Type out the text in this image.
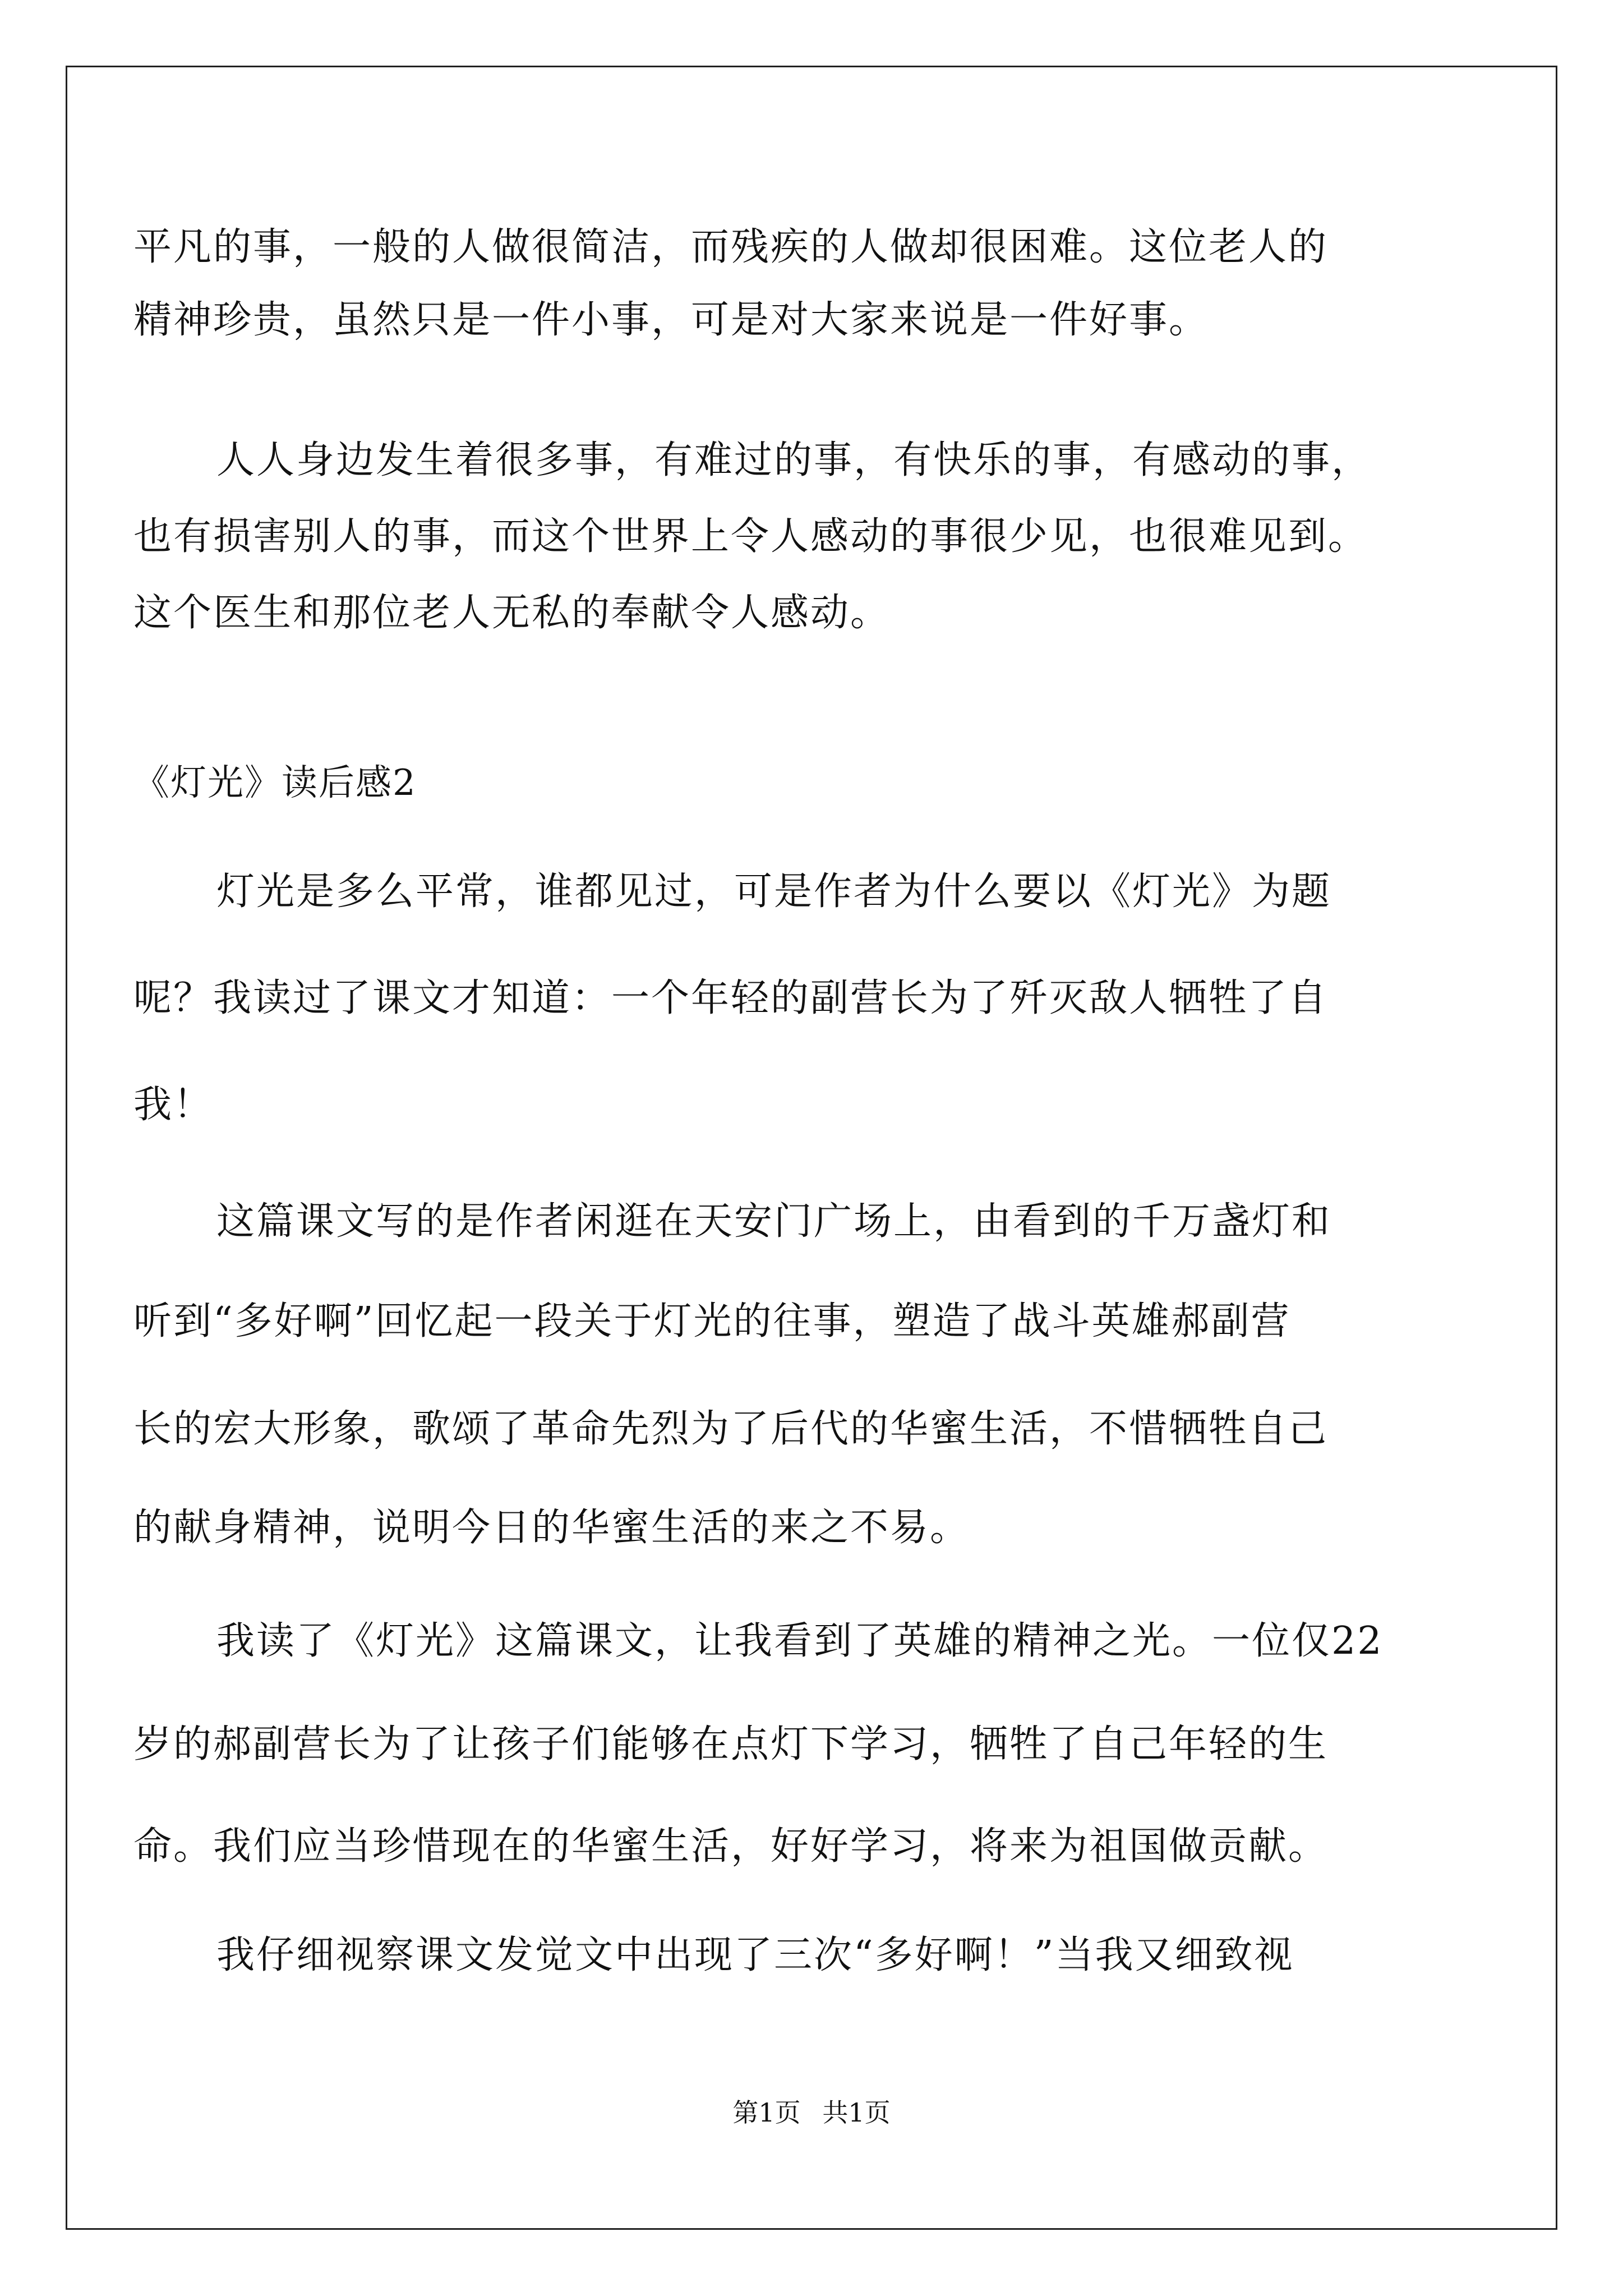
平凡的事，一般的人做很简洁，而残疾的人做却很困难。这位老人的
精神珍贵，虽然只是一件小事，可是对大家来说是一件好事。
人人身边发生着很多事，有难过的事，有快乐的事，有感动的事，
也有损害别人的事，而这个世界上令人感动的事很少见，也很难见到。
这个医生和那位老人无私的奉献令人感动。
《灯光》读后感2
灯光是多么平常，谁都见过，可是作者为什么要以《灯光》为题
呢？我读过了课文才知道：一个年轻的副营长为了歼灭敌人牺牲了自
我！
这篇课文写的是作者闲逛在天安门广场上，由看到的千万盏灯和
听到“多好啊”回忆起一段关于灯光的往事，塑造了战斗英雄郝副营
长的宏大形象，歌颂了革命先烈为了后代的华蜜生活，不惜牺牲自己
的献身精神，说明今日的华蜜生活的来之不易。
我读了《灯光》这篇课文，让我看到了英雄的精神之光。一位仅22
岁的郝副营长为了让孩子们能够在点灯下学习，牺牲了自己年轻的生
命。我们应当珍惜现在的华蜜生活，好好学习，将来为祖国做贡献。
我仔细视察课文发觉文中出现了三次“多好啊！”当我又细致视
第1页 共1页
